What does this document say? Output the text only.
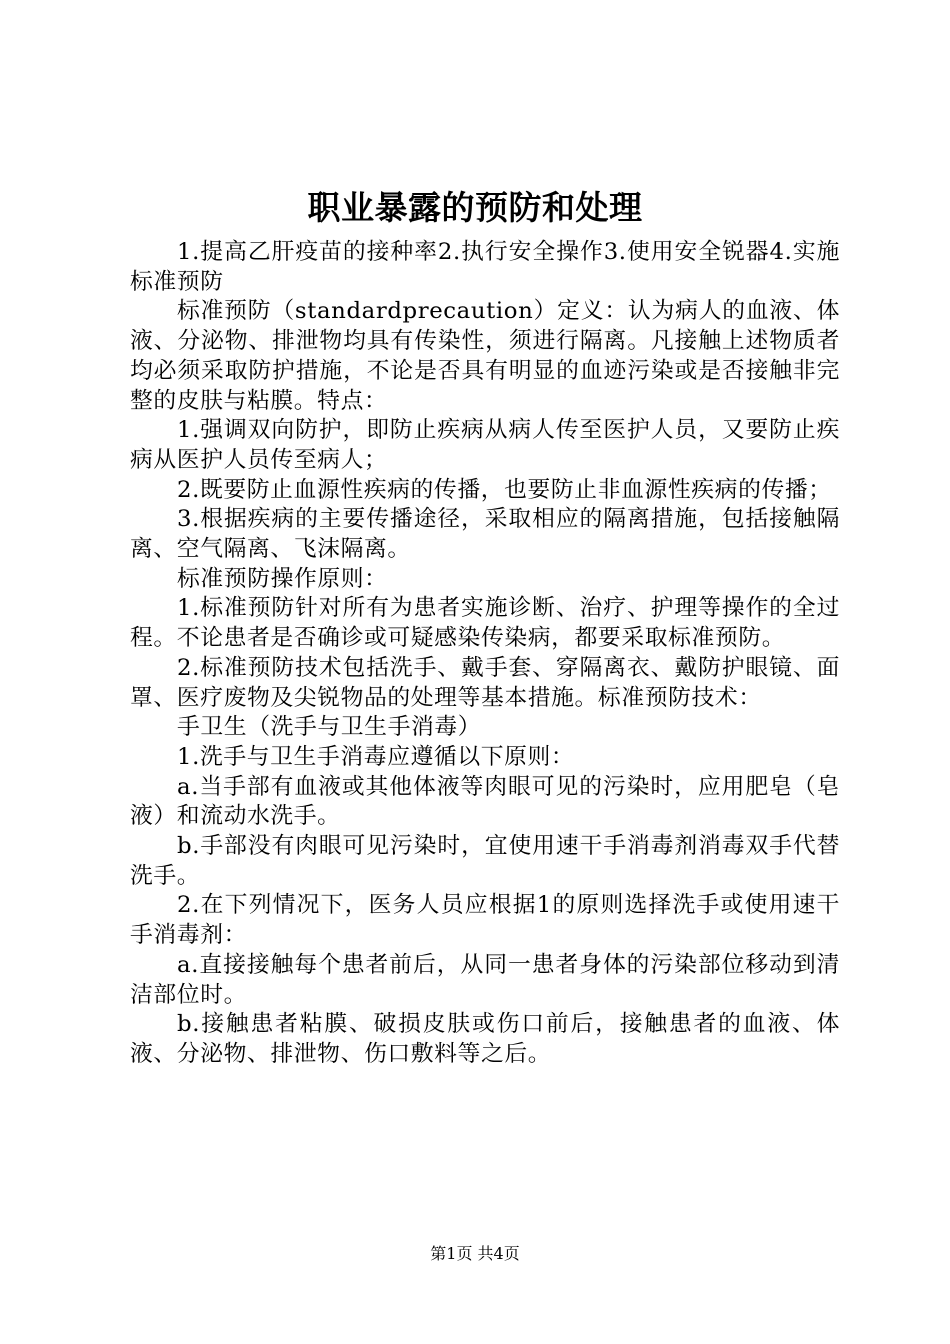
职业暴露的预防和处理

1.提高乙肝疫苗的接种率2.执行安全操作3.使用安全锐器4.实施标准预防

标准预防（standardprecaution）定义：认为病人的血液、体液、分泌物、排泄物均具有传染性，须进行隔离。凡接触上述物质者均必须采取防护措施，不论是否具有明显的血迹污染或是否接触非完整的皮肤与粘膜。特点：

1.强调双向防护，即防止疾病从病人传至医护人员，又要防止疾病从医护人员传至病人；

2.既要防止血源性疾病的传播，也要防止非血源性疾病的传播；

3.根据疾病的主要传播途径，采取相应的隔离措施，包括接触隔离、空气隔离、飞沫隔离。

标准预防操作原则：

1.标准预防针对所有为患者实施诊断、治疗、护理等操作的全过程。不论患者是否确诊或可疑感染传染病，都要采取标准预防。

2.标准预防技术包括洗手、戴手套、穿隔离衣、戴防护眼镜、面罩、医疗废物及尖锐物品的处理等基本措施。标准预防技术：

手卫生（洗手与卫生手消毒）

1.洗手与卫生手消毒应遵循以下原则：

a.当手部有血液或其他体液等肉眼可见的污染时，应用肥皂（皂液）和流动水洗手。

b.手部没有肉眼可见污染时，宜使用速干手消毒剂消毒双手代替洗手。

2.在下列情况下，医务人员应根据1的原则选择洗手或使用速干手消毒剂：

a.直接接触每个患者前后，从同一患者身体的污染部位移动到清洁部位时。

b.接触患者粘膜、破损皮肤或伤口前后，接触患者的血液、体液、分泌物、排泄物、伤口敷料等之后。

第1页 共4页
